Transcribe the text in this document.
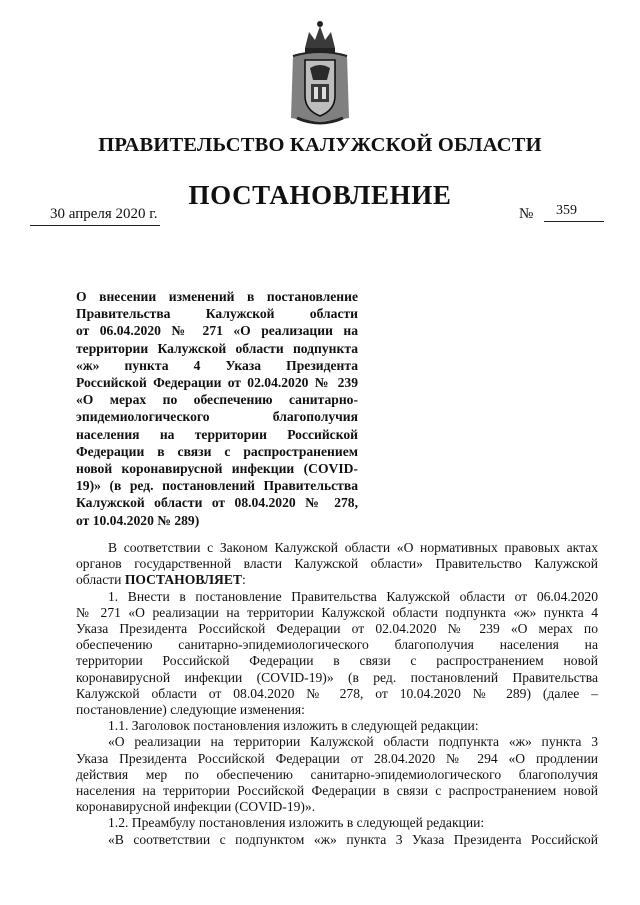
ПРАВИТЕЛЬСТВО КАЛУЖСКОЙ ОБЛАСТИ
ПОСТАНОВЛЕНИЕ
30 апреля 2020 г.	№ 359
О внесении изменений в постановление
Правительства Калужской области
от 06.04.2020 № 271 «О реализации на
территории Калужской области подпункта
«ж» пункта 4 Указа Президента
Российской Федерации от 02.04.2020 № 239
«О мерах по обеспечению санитарно-
эпидемиологического благополучия
населения на территории Российской
Федерации в связи с распространением
новой коронавирусной инфекции (COVID-
19)» (в ред. постановлений Правительства
Калужской области от 08.04.2020 № 278,
от 10.04.2020 № 289)
В соответствии с Законом Калужской области «О нормативных правовых актах
органов государственной власти Калужской области» Правительство Калужской
области ПОСТАНОВЛЯЕТ:
1. Внести в постановление Правительства Калужской области от 06.04.2020
№ 271 «О реализации на территории Калужской области подпункта «ж» пункта 4
Указа Президента Российской Федерации от 02.04.2020 № 239 «О мерах по
обеспечению санитарно-эпидемиологического благополучия населения на
территории Российской Федерации в связи с распространением новой
коронавирусной инфекции (COVID-19)» (в ред. постановлений Правительства
Калужской области от 08.04.2020 № 278, от 10.04.2020 № 289) (далее –
постановление) следующие изменения:
1.1. Заголовок постановления изложить в следующей редакции:
«О реализации на территории Калужской области подпункта «ж» пункта 3
Указа Президента Российской Федерации от 28.04.2020 № 294 «О продлении
действия мер по обеспечению санитарно-эпидемиологического благополучия
населения на территории Российской Федерации в связи с распространением новой
коронавирусной инфекции (COVID-19)».
1.2. Преамбулу постановления изложить в следующей редакции:
«В соответствии с подпунктом «ж» пункта 3 Указа Президента Российской
